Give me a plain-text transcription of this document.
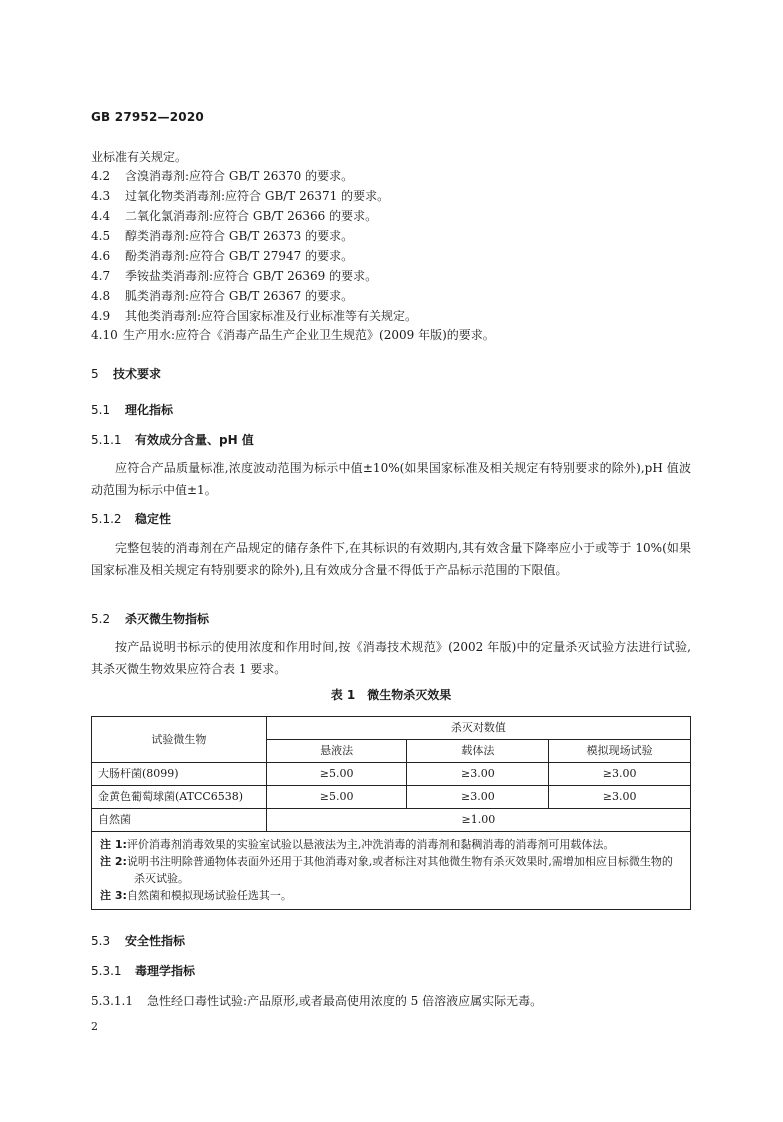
GB 27952—2020
业标准有关规定。
4.2 含溴消毒剂:应符合 GB/T 26370 的要求。
4.3 过氧化物类消毒剂:应符合 GB/T 26371 的要求。
4.4 二氧化氯消毒剂:应符合 GB/T 26366 的要求。
4.5 醇类消毒剂:应符合 GB/T 26373 的要求。
4.6 酚类消毒剂:应符合 GB/T 27947 的要求。
4.7 季铵盐类消毒剂:应符合 GB/T 26369 的要求。
4.8 胍类消毒剂:应符合 GB/T 26367 的要求。
4.9 其他类消毒剂:应符合国家标准及行业标准等有关规定。
4.10 生产用水:应符合《消毒产品生产企业卫生规范》(2009 年版)的要求。
5 技术要求
5.1 理化指标
5.1.1 有效成分含量、pH 值

应符合产品质量标准,浓度波动范围为标示中值±10%(如果国家标准及相关规定有特别要求的除外),pH 值波动范围为标示中值±1。

5.1.2 稳定性

完整包装的消毒剂在产品规定的储存条件下,在其标识的有效期内,其有效含量下降率应小于或等于 10%(如果国家标准及相关规定有特别要求的除外),且有效成分含量不得低于产品标示范围的下限值。

5.2 杀灭微生物指标

按产品说明书标示的使用浓度和作用时间,按《消毒技术规范》(2002 年版)中的定量杀灭试验方法进行试验,其杀灭微生物效果应符合表 1 要求。

表 1 微生物杀灭效果
试验微生物	杀灭对数值		
	悬液法	载体法	模拟现场试验
大肠杆菌(8099)	≥5.00	≥3.00	≥3.00
金黄色葡萄球菌(ATCC6538)	≥5.00	≥3.00	≥3.00
自然菌	≥1.00		

注 1:评价消毒剂消毒效果的实验室试验以悬液法为主,冲洗消毒的消毒剂和黏稠消毒的消毒剂可用载体法。
注 2:说明书注明除普通物体表面外还用于其他消毒对象,或者标注对其他微生物有杀灭效果时,需增加相应目标微生物的杀灭试验。
注 3:自然菌和模拟现场试验任选其一。			
5.3 安全性指标
5.3.1 毒理学指标
5.3.1.1 急性经口毒性试验:产品原形,或者最高使用浓度的 5 倍溶液应属实际无毒。
2
